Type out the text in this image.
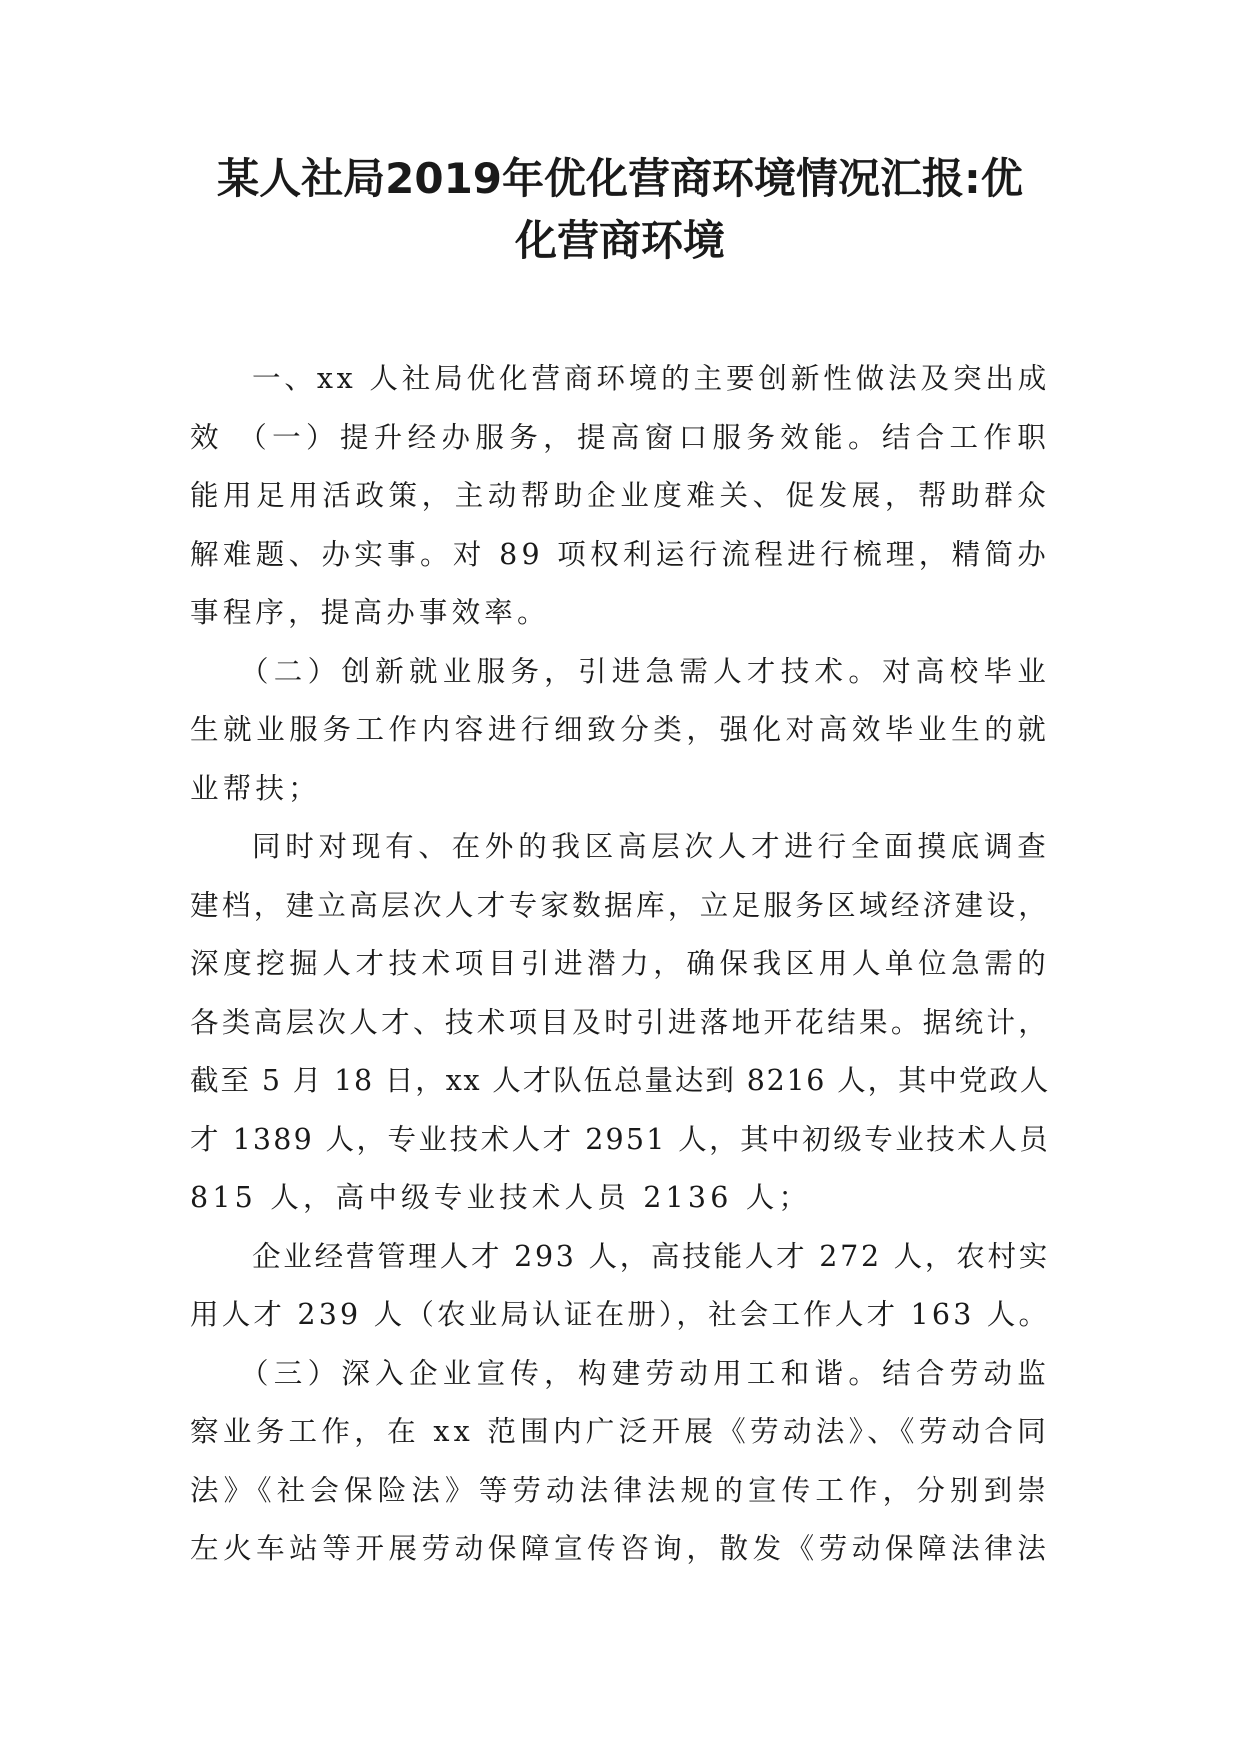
某人社局2019年优化营商环境情况汇报:优
化营商环境
一、xx 人社局优化营商环境的主要创新性做法及突出成
效 （一）提升经办服务，提高窗口服务效能。结合工作职
能用足用活政策，主动帮助企业度难关、促发展，帮助群众
解难题、办实事。对 89 项权利运行流程进行梳理，精简办
事程序，提高办事效率。
（二）创新就业服务，引进急需人才技术。对高校毕业
生就业服务工作内容进行细致分类，强化对高效毕业生的就
业帮扶；
同时对现有、在外的我区高层次人才进行全面摸底调查
建档，建立高层次人才专家数据库，立足服务区域经济建设，
深度挖掘人才技术项目引进潜力，确保我区用人单位急需的
各类高层次人才、技术项目及时引进落地开花结果。据统计，
截至 5 月 18 日，xx 人才队伍总量达到 8216 人，其中党政人
才 1389 人，专业技术人才 2951 人，其中初级专业技术人员
815 人，高中级专业技术人员 2136 人；
企业经营管理人才 293 人，高技能人才 272 人，农村实
用人才 239 人（农业局认证在册），社会工作人才 163 人。
（三）深入企业宣传，构建劳动用工和谐。结合劳动监
察业务工作，在 xx 范围内广泛开展《劳动法》、《劳动合同
法》《社会保险法》等劳动法律法规的宣传工作，分别到崇
左火车站等开展劳动保障宣传咨询，散发《劳动保障法律法
